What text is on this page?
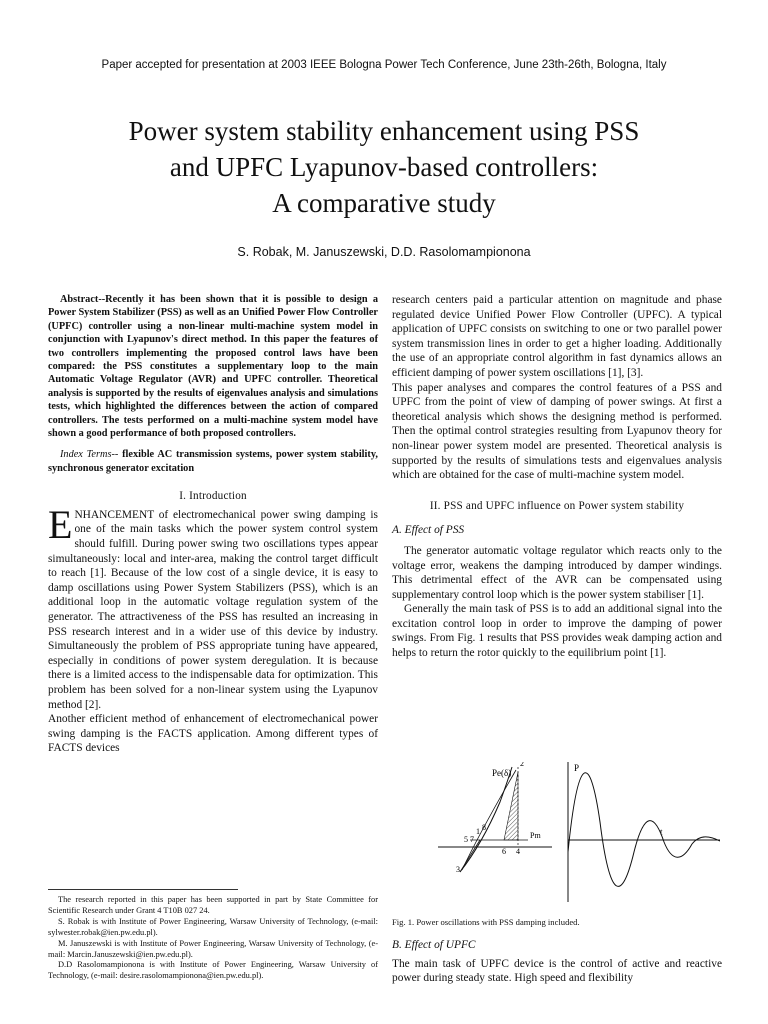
Paper accepted for presentation at 2003 IEEE Bologna Power Tech Conference, June 23th-26th, Bologna, Italy
Power system stability enhancement using PSS
and UPFC Lyapunov-based controllers:
A comparative study
S. Robak, M. Januszewski, D.D. Rasolomampionona

Abstract--Recently it has been shown that it is possible to design a Power System Stabilizer (PSS) as well as an Unified Power Flow Controller (UPFC) controller using a non-linear multi-machine system model in conjunction with Lyapunov's direct method. In this paper the features of two controllers implementing the proposed control laws have been compared: the PSS constitutes a supplementary loop to the main Automatic Voltage Regulator (AVR) and UPFC controller. Theoretical analysis is supported by the results of eigenvalues analysis and simulations tests, which highlighted the differences between the action of compared controllers. The tests performed on a multi-machine system model have shown a good performance of both proposed controllers.

Index Terms-- flexible AC transmission systems, power system stability, synchronous generator excitation

I. Introduction

ENHANCEMENT of electromechanical power swing damping is one of the main tasks which the power system control system should fulfill. During power swing two oscillations types appear simultaneously: local and inter-area, making the control target difficult to reach [1]. Because of the low cost of a single device, it is easy to damp oscillations using Power System Stabilizers (PSS), which is an additional loop in the automatic voltage regulation system of the generator. The attractiveness of the PSS has resulted an increasing in PSS research interest and in a wider use of this device by industry. Simultaneously the problem of PSS appropriate tuning have appeared, especially in conditions of power system deregulation. It is because there is a limited access to the indispensable data for optimization. This problem has been solved for a non-linear system using the Lyapunov method [2].

Another efficient method of enhancement of electromechanical power swing damping is the FACTS application. Among different types of FACTS devices

The research reported in this paper has been supported in part by State Committee for Scientific Research under Grant 4 T10B 027 24.

S. Robak is with Institute of Power Engineering, Warsaw University of Technology, (e-mail: sylwester.robak@ien.pw.edu.pl).

M. Januszewski is with Institute of Power Engineering, Warsaw University of Technology, (e-mail: Marcin.Januszewski@ien.pw.edu.pl).

D.D Rasolomampionona is with Institute of Power Engineering, Warsaw University of Technology, (e-mail: desire.rasolomampionona@ien.pw.edu.pl).

research centers paid a particular attention on magnitude and phase regulated device Unified Power Flow Controller (UPFC). A typical application of UPFC consists on switching to one or two parallel power system transmission lines in order to get a higher loading. Additionally the use of an appropriate control algorithm in fast dynamics allows an efficient damping of power system oscillations [1], [3].

This paper analyses and compares the control features of a PSS and UPFC from the point of view of damping of power swings. At first a theoretical analysis which shows the designing method is performed. Then the optimal control strategies resulting from Lyapunov theory for non-linear power system model are presented. Theoretical analysis is supported by the results of simulations tests and eigenvalues analysis which are obtained for the case of multi-machine system model.

II. PSS and UPFC influence on Power system stability
A. Effect of PSS

The generator automatic voltage regulator which reacts only to the voltage error, weakens the damping introduced by damper windings. This detrimental effect of the AVR can be compensated using supplementary control loop which is the power system stabiliser [1].

Generally the main task of PSS is to add an additional signal into the excitation control loop in order to improve the damping of power swings. From Fig. 1 results that PSS provides weak damping action and helps to return the rotor quickly to the equilibrium point [1].

Pe(δ)
Pm
2
3
1 8
5 7
6 4
P
t
Fig. 1. Power oscillations with PSS damping included.
B. Effect of UPFC

The main task of UPFC device is the control of active and reactive power during steady state. High speed and flexibility
